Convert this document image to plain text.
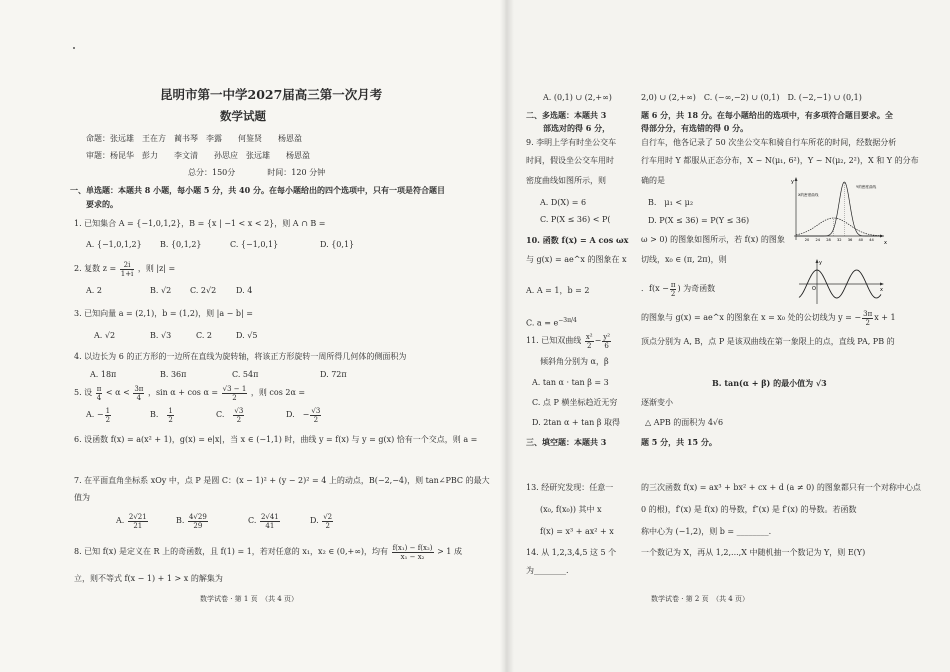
昆明市第一中学2027届高三第一次月考
数学试题
命题：张远雄　王在方　蔺书琴　李露　　何鉴贤　　杨恩盈
审题：杨昆华　彭力　　李文清　　孙思应　张远雄　　杨恩盈
总分：150分　　　　时间：120 分钟
一、单选题：本题共 8 小题，每小题 5 分，共 40 分。在每小题给出的四个选项中，只有一项是符合题目
要求的。
1. 已知集合 A = {−1,0,1,2}，B = {x | −1 < x < 2}，则 A ∩ B =
A. {−1,0,1,2} B. {0,1,2}	C. {−1,0,1}	D. {0,1}
2. 复数 $z = \frac{2i}{1+i}$ ，则 |z| =
A. 2	B. √2 C. 2√2 D. 4
3. 已知向量 a = (2,1)，b = (1,2)，则 |a − b| =
A. √2	B. √3	C. 2	D. √5
4. 以边长为 6 的正方形的一边所在直线为旋转轴，将该正方形旋转一周所得几何体的侧面积为
A. 18π	B. 36π	C. 54π	D. 72π
5. 设 $\frac{\pi}{4} < \alpha < \frac{3\pi}{4}$ ，$\sin \alpha + \cos \alpha = \frac{√3 - 1}{2}$ ，则 cos 2α =
A. − $\frac{1}{2}$	B.　 $\frac{1}{2}$	C.　 $\frac{√3}{2}$	D.　 − $\frac{√3}{2}$
6. 设函数 f(x) = a(x² + 1)，g(x) = e|x|，当 x ∈ (−1,1) 时，曲线 y = f(x) 与 y = g(x) 恰有一个交点，则 a =
7. 在平面直角坐标系 xOy 中，点 P 是圆 C：(x − 1)² + (y − 2)² = 4 上的动点，B(−2,−4)，则 tan∠PBC 的最大
值为
A. $\frac{2√21}{21}$	B. $\frac{4√29}{29}$	C. $\frac{2√41}{41}$	D. $\frac{√2}{2}$
8. 已知 f(x) 是定义在 R 上的奇函数，且 f(1) = 1，若对任意的 x₁，x₂ ∈ (0,+∞)，均有 $\frac{\text{f(x₁) − f(x₂)}}{\text{x₁ − x₂}} > 1$ 成
立，则不等式 f(x − 1) + 1 > x 的解集为
数学试卷 · 第 1 页　（共 4 页）
A. (0,1) ∪ (2,+∞)
二、多选题：本题共 3
部选对的得 6 分，
9. 李明上学有时坐公交车
时间，假设坐公交车用时
密度曲线如图所示，则
A. D(X) = 6
C. P(X ≤ 36) < P(
10. 函数 f(x) = A cos ωx
与 g(x) = ae^x 的图象在 x
A. A = 1，b = 2
C. $a = e^{-3\pi/4}$
11. 已知双曲线 $\frac{\text{x²}}{2} - \frac{\text{y²}}{6}$
倾斜角分别为 α，β
A. tan α · tan β = 3
C. 点 P 横坐标趋近无穷
D. 2tan α + tan β 取得
三、填空题：本题共 3
13. 经研究发现：任意一
(x₀, f(x₀)) 其中 x
f(x) = x³ + ax² + x
14. 从 1,2,3,4,5 这 5 个
为________.
2,0) ∪ (2,+∞)　C. (−∞,−2) ∪ (0,1)　D. (−2,−1) ∪ (0,1)
题 6 分，共 18 分。在每小题给出的选项中，有多项符合题目要求。全
得部分分，有选错的得 0 分。
自行车，他各记录了 50 次坐公交车和骑自行车所花的时间，经数据分析
行车用时 Y 都服从正态分布，X ~ N(μ₁, 6²)，Y ~ N(μ₂, 2²)，X 和 Y 的分布
确的是
B.　μ₁ < μ₂
D. P(X ≤ 36) = P(Y ≤ 36)
ω > 0) 的图象如图所示，若 f(x) 的图象
切线，x₀ ∈ (π, 2π)，则
．$f(x - \frac{\pi}{2}$ ) 为奇函数
的图象与 g(x) = ae^x 的图象在 x = x₀ 处的公切线为 y = − $\frac{3\pi}{2}$ x + 1
顶点分别为 A, B，点 P 是该双曲线在第一象限上的点，直线 PA, PB 的
B. tan(α + β) 的最小值为 √3
逐渐变小
△ APB 的面积为 4√6
题 5 分，共 15 分。
的三次函数 f(x) = ax³ + bx² + cx + d (a ≠ 0) 的图象都只有一个对称中心点
0 的根)，f′(x) 是 f(x) 的导数，f″(x) 是 f′(x) 的导数。若函数
称中心为 (−1,2)，则 b = ________.
一个数记为 X，再从 1,2,...,X 中随机抽一个数记为 Y，则 E(Y)
数学试卷 · 第 2 页　（共 4 页）
y
x
X的密度曲线
Y的密度曲线
20 24 28 32 36 40 44
y
x
O
